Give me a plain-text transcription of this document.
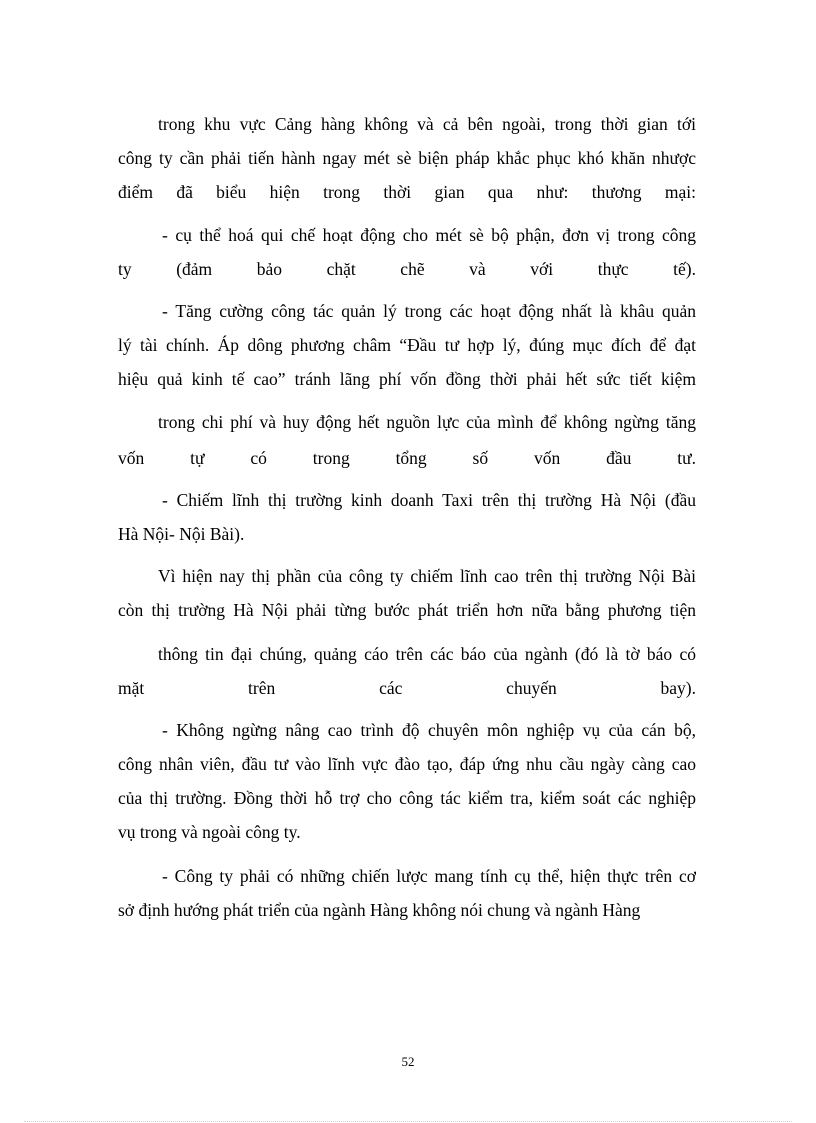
trong khu vực Cảng hàng không và cả bên ngoài, trong thời gian tới
công ty cần phải tiến hành ngay mét sè biện pháp khắc phục khó khăn nhược
điểm đã biểu hiện trong thời gian qua như: thương mại:
- cụ thể hoá qui chế hoạt động cho mét sè bộ phận, đơn vị trong công
ty (đảm bảo chặt chẽ và với thực tế).
- Tăng cường công tác quản lý trong các hoạt động nhất là khâu quản
lý tài chính. Áp dông phương châm “Đầu tư hợp lý, đúng mục đích để đạt
hiệu quả kinh tế cao” tránh lãng phí vốn đồng thời phải hết sức tiết kiệm
trong chi phí và huy động hết nguồn lực của mình để không ngừng tăng
vốn tự có trong tổng số vốn đầu tư.
- Chiếm lĩnh thị trường kinh doanh Taxi trên thị trường Hà Nội (đầu
Hà Nội- Nội Bài).
Vì hiện nay thị phần của công ty chiếm lĩnh cao trên thị trường Nội Bài
còn thị trường Hà Nội phải từng bước phát triển hơn nữa bằng phương tiện
thông tin đại chúng, quảng cáo trên các báo của ngành (đó là tờ báo có
mặt trên các chuyến bay).
- Không ngừng nâng cao trình độ chuyên môn nghiệp vụ của cán bộ,
công nhân viên, đầu tư vào lĩnh vực đào tạo, đáp ứng nhu cầu ngày càng cao
của thị trường. Đồng thời hỗ trợ cho công tác kiểm tra, kiểm soát các nghiệp
vụ trong và ngoài công ty.
- Công ty phải có những chiến lược mang tính cụ thể, hiện thực trên cơ
sở định hướng phát triển của ngành Hàng không nói chung và ngành Hàng
52
